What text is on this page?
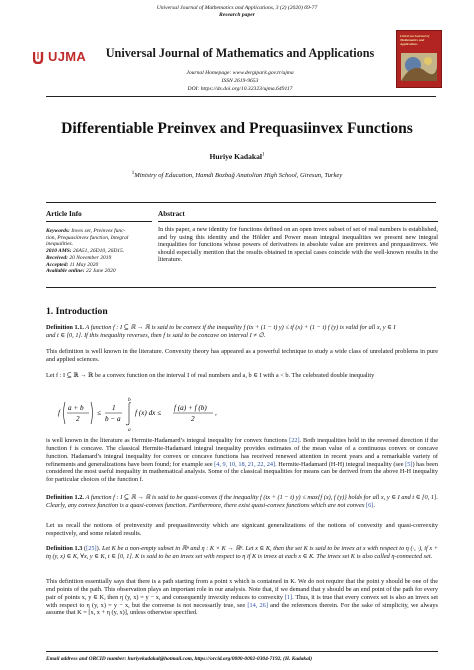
Universal Journal of Mathematics and Applications, 3 (2) (2020) 69-77
Research paper
UJMA	Universal Journal of Mathematics and Applications
Journal Homepage: www.dergipark.gov.tr/ujma
ISSN 2619-9653
DOI: https://dx.doi.org/10.32323/ujma.649117
Universal Journal of Mathematics and Applications
Differentiable Preinvex and Prequasiinvex Functions
Huriye Kadakal$^1$
$^1$Ministry of Education, Hamdi Bozbağ Anatolian High School, Giresun, Turkey
Article Info	Abstract
Keywords: Invex set, Preinvex func-
tion, Prequasiinvex function, Integral
inequalities.
2010 AMS: 26A51, 26D10, 26D15.
Received: 20 November 2019
Accepted: 11 May 2020
Available online: 22 June 2020
In this paper, a new identity for functions defined on an open invex subset of set of real numbers is established, and by using this identity and the Hölder and Power mean integral inequalities we present new integral inequalities for functions whose powers of derivatives in absolute value are preinvex and prequasiinvex. We should especially mention that the results obtained in special cases coincide with the well-known results in the literature.
1. Introduction

Definition 1.1. A function f : I ⊆ ℝ → ℝ is said to be convex if the inequality f (tx + (1 − t) y) ≤ tf (x) + (1 − t) f (y) is valid for all x, y ∈ I

and t ∈ [0, 1]. If this inequality reverses, then f is said to be concave on interval I ≠ ∅.

This definition is well known in the literature. Convexity theory has appeared as a powerful technique to study a wide class of unrelated problems in pure and applied sciences.
Let f : I ⊆ ℝ → ℝ be a convex function on the interval I of real numbers and a, b ∈ I with a < b. The celebrated double inequality
f
a + b
2
≤
1
b − a
b
a
f (x) dx ≤
f (a) + f (b)
2
,
is well known in the literature as Hermite-Hadamard’s integral inequality for convex functions [22]. Both inequalities hold in the reversed direction if the function f is concave. The classical Hermite-Hadamard integral inequality provides estimates of the mean value of a continuous convex or concave function. Hadamard’s integral inequality for convex or concave functions has received renewed attention in recent years and a remarkable variety of refinements and generalizations have been found; for example see [4, 9, 10, 18, 21, 22, 24]. Hermite-Hadamard (H-H) integral inequality (see [5]) has been considered the most useful inequality in mathematical analysis. Some of the classical inequalities for means can be derived from the above H-H inequality for particular choices of the function f.
Definition 1.2. A function f : I ⊆ ℝ → ℝ is said to be quasi-convex if the inequality f (tx + (1 − t) y) ≤ max{f (x), f (y)} holds for all x, y ∈ I and t ∈ [0, 1]. Clearly, any convex function is a quasi-convex function. Furthermore, there exist quasi-convex functions which are not convex [6].
Let us recall the notions of preinvexity and prequasiinvexity which are signicant generalizations of the notions of convexity and quasi-convexity respectively, and some related results.
Definition 1.3 ([25]). Let K be a non-empty subset in ℝⁿ and η : K × K → ℝⁿ. Let x ∈ K, then the set K is said to be invex at x with respect to η (·, ·), if x + tη (y, x) ∈ K, ∀x, y ∈ K, t ∈ [0, 1]. K is said to be an invex set with respect to η if K is invex at each x ∈ K. The invex set K is also called η-connected set.
This definition essentially says that there is a path starting from a point x which is contained in K. We do not require that the point y should be one of the end points of the path. This observation plays an important role in our analysis. Note that, if we demand that y should be an end point of the path for every pair of points x, y ∈ K, then η (y, x) = y − x, and consequently invexity reduces to convexity [1]. Thus, it is true that every convex set is also an invex set with respect to η (y, x) = y − x, but the converse is not necessarily true, see [14, 26] and the references therein. For the sake of simplicity, we always assume that K = [x, x + η (y, x)], unless otherwise specified.
Email address and ORCID number: huriyekadakal@hotmail.com, https://orcid.org/0000-0002-0304-7192, (H. Kadakal)
